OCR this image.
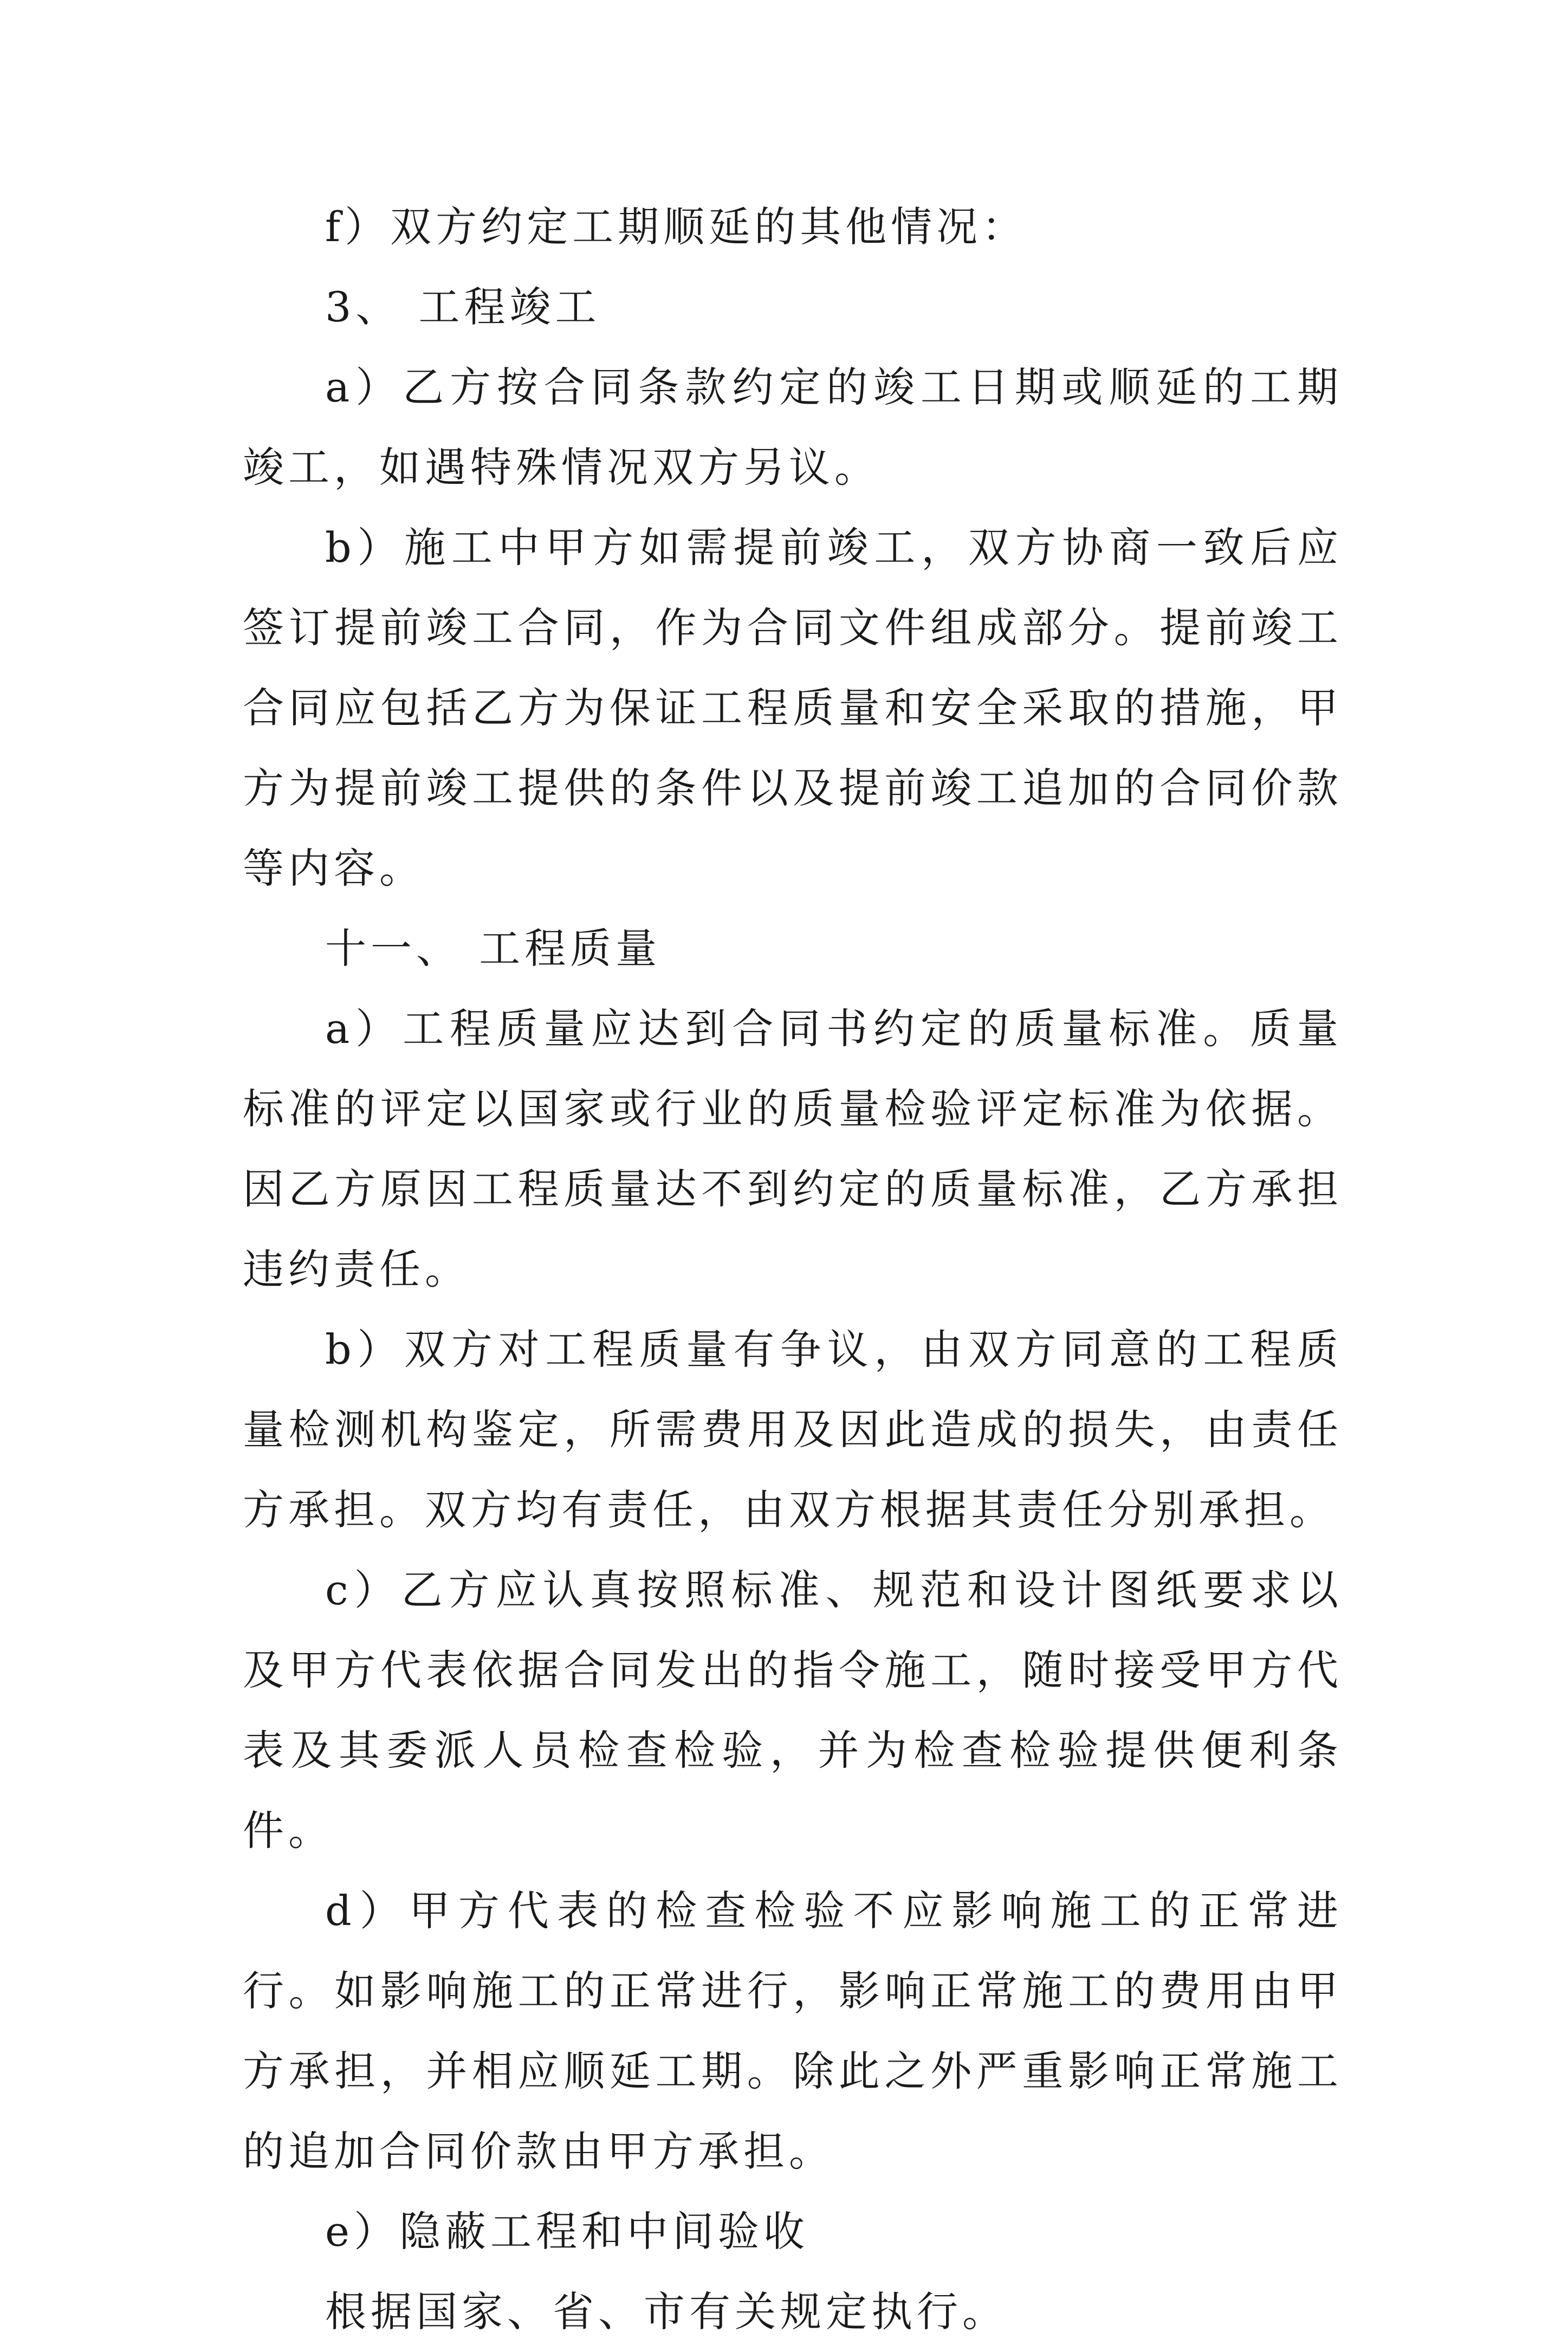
f）双方约定工期顺延的其他情况：

3、 工程竣工

a）乙方按合同条款约定的竣工日期或顺延的工期竣工，如遇特殊情况双方另议。

b）施工中甲方如需提前竣工，双方协商一致后应签订提前竣工合同，作为合同文件组成部分。提前竣工合同应包括乙方为保证工程质量和安全采取的措施，甲方为提前竣工提供的条件以及提前竣工追加的合同价款等内容。

十一、 工程质量

a）工程质量应达到合同书约定的质量标准。质量标准的评定以国家或行业的质量检验评定标准为依据。因乙方原因工程质量达不到约定的质量标准，乙方承担违约责任。

b）双方对工程质量有争议，由双方同意的工程质量检测机构鉴定，所需费用及因此造成的损失，由责任方承担。双方均有责任，由双方根据其责任分别承担。

c）乙方应认真按照标准、规范和设计图纸要求以及甲方代表依据合同发出的指令施工，随时接受甲方代表及其委派人员检查检验，并为检查检验提供便利条件。

d）甲方代表的检查检验不应影响施工的正常进行。如影响施工的正常进行，影响正常施工的费用由甲方承担，并相应顺延工期。除此之外严重影响正常施工的追加合同价款由甲方承担。

e）隐蔽工程和中间验收

根据国家、省、市有关规定执行。
